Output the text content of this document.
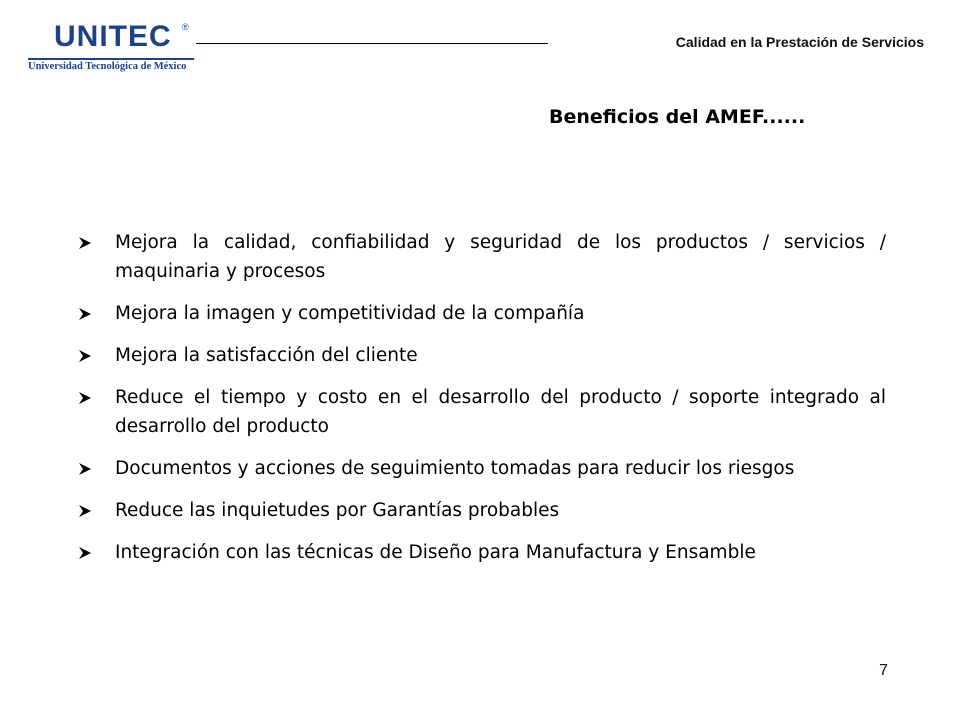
UNITEC ®
Universidad Tecnológica de México
Calidad en la Prestación de Servicios
Beneficios del AMEF......
Mejora la calidad, confiabilidad y seguridad de los productos / servicios / maquinaria y procesos
Mejora la imagen y competitividad de la compañía
Mejora la satisfacción del cliente
Reduce el tiempo y costo en el desarrollo del producto / soporte integrado al desarrollo del producto
Documentos y acciones de seguimiento tomadas para reducir los riesgos
Reduce las inquietudes por Garantías probables
Integración con las técnicas de Diseño para Manufactura y Ensamble
7
